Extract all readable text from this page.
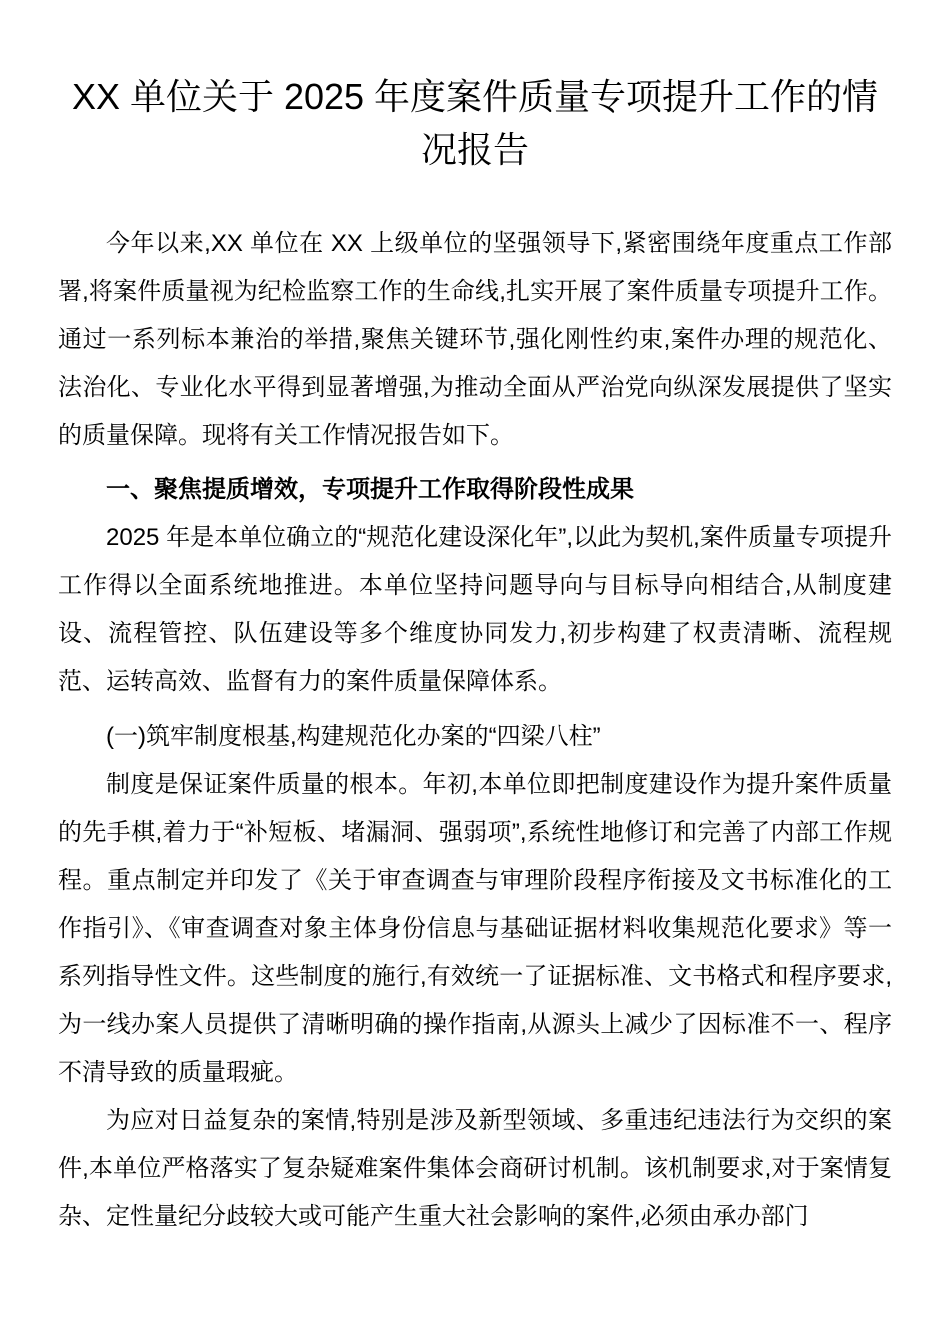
XX 单位关于 2025 年度案件质量专项提升工作的情况报告

今年以来,XX 单位在 XX 上级单位的坚强领导下,紧密围绕年度重点工作部署,将案件质量视为纪检监察工作的生命线,扎实开展了案件质量专项提升工作。通过一系列标本兼治的举措,聚焦关键环节,强化刚性约束,案件办理的规范化、法治化、专业化水平得到显著增强,为推动全面从严治党向纵深发展提供了坚实的质量保障。现将有关工作情况报告如下。

一、聚焦提质增效，专项提升工作取得阶段性成果

2025 年是本单位确立的“规范化建设深化年”,以此为契机,案件质量专项提升工作得以全面系统地推进。本单位坚持问题导向与目标导向相结合,从制度建设、流程管控、队伍建设等多个维度协同发力,初步构建了权责清晰、流程规范、运转高效、监督有力的案件质量保障体系。

(一)筑牢制度根基,构建规范化办案的“四梁八柱”

制度是保证案件质量的根本。年初,本单位即把制度建设作为提升案件质量的先手棋,着力于“补短板、堵漏洞、强弱项”,系统性地修订和完善了内部工作规程。重点制定并印发了《关于审查调查与审理阶段程序衔接及文书标准化的工作指引》、《审查调查对象主体身份信息与基础证据材料收集规范化要求》等一系列指导性文件。这些制度的施行,有效统一了证据标准、文书格式和程序要求,为一线办案人员提供了清晰明确的操作指南,从源头上减少了因标准不一、程序不清导致的质量瑕疵。

为应对日益复杂的案情,特别是涉及新型领域、多重违纪违法行为交织的案件,本单位严格落实了复杂疑难案件集体会商研讨机制。该机制要求,对于案情复杂、定性量纪分歧较大或可能产生重大社会影响的案件,必须由承办部门
